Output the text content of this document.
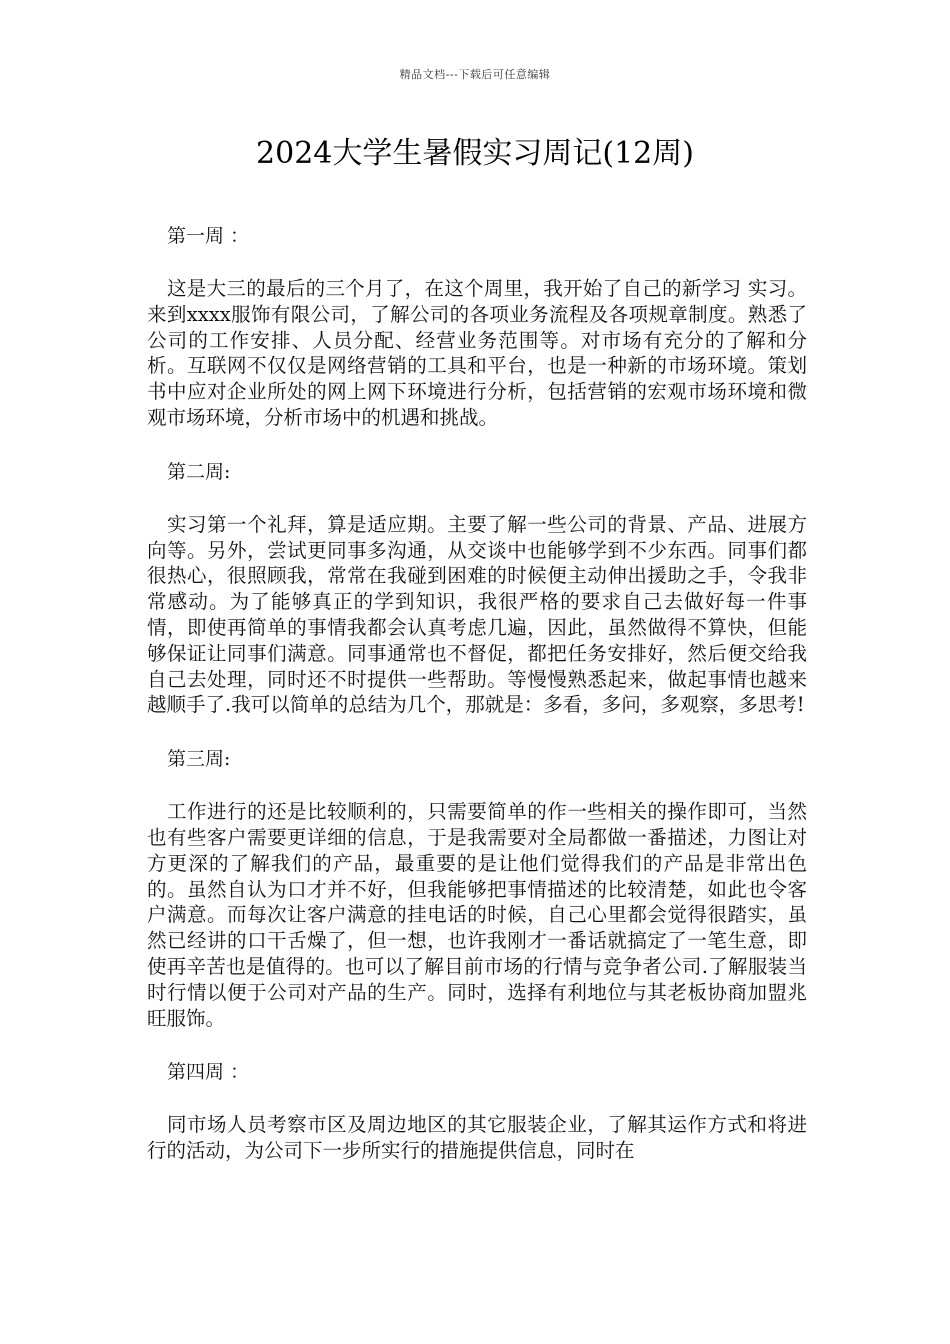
精品文档---下载后可任意编辑
2024大学生暑假实习周记(12周)

第一周 ：

这是大三的最后的三个月了，在这个周里，我开始了自己的新学习 实习。来到xxxx服饰有限公司，了解公司的各项业务流程及各项规章制度。熟悉了公司的工作安排、人员分配、经营业务范围等。对市场有充分的了解和分析。互联网不仅仅是网络营销的工具和平台，也是一种新的市场环境。策划书中应对企业所处的网上网下环境进行分析，包括营销的宏观市场环境和微观市场环境，分析市场中的机遇和挑战。

第二周:

实习第一个礼拜，算是适应期。主要了解一些公司的背景、产品、进展方向等。另外，尝试更同事多沟通，从交谈中也能够学到不少东西。同事们都很热心，很照顾我，常常在我碰到困难的时候便主动伸出援助之手，令我非常感动。为了能够真正的学到知识，我很严格的要求自己去做好每一件事情，即使再简单的事情我都会认真考虑几遍，因此，虽然做得不算快，但能够保证让同事们满意。同事通常也不督促，都把任务安排好，然后便交给我自己去处理，同时还不时提供一些帮助。等慢慢熟悉起来，做起事情也越来越顺手了.我可以简单的总结为几个，那就是：多看，多问，多观察，多思考!

第三周:

工作进行的还是比较顺利的，只需要简单的作一些相关的操作即可，当然也有些客户需要更详细的信息，于是我需要对全局都做一番描述，力图让对方更深的了解我们的产品，最重要的是让他们觉得我们的产品是非常出色的。虽然自认为口才并不好，但我能够把事情描述的比较清楚，如此也令客户满意。而每次让客户满意的挂电话的时候，自己心里都会觉得很踏实，虽然已经讲的口干舌燥了，但一想，也许我刚才一番话就搞定了一笔生意，即使再辛苦也是值得的。也可以了解目前市场的行情与竞争者公司.了解服装当时行情以便于公司对产品的生产。同时，选择有利地位与其老板协商加盟兆旺服饰。

第四周 ：

同市场人员考察市区及周边地区的其它服装企业，了解其运作方式和将进行的活动，为公司下一步所实行的措施提供信息，同时在
